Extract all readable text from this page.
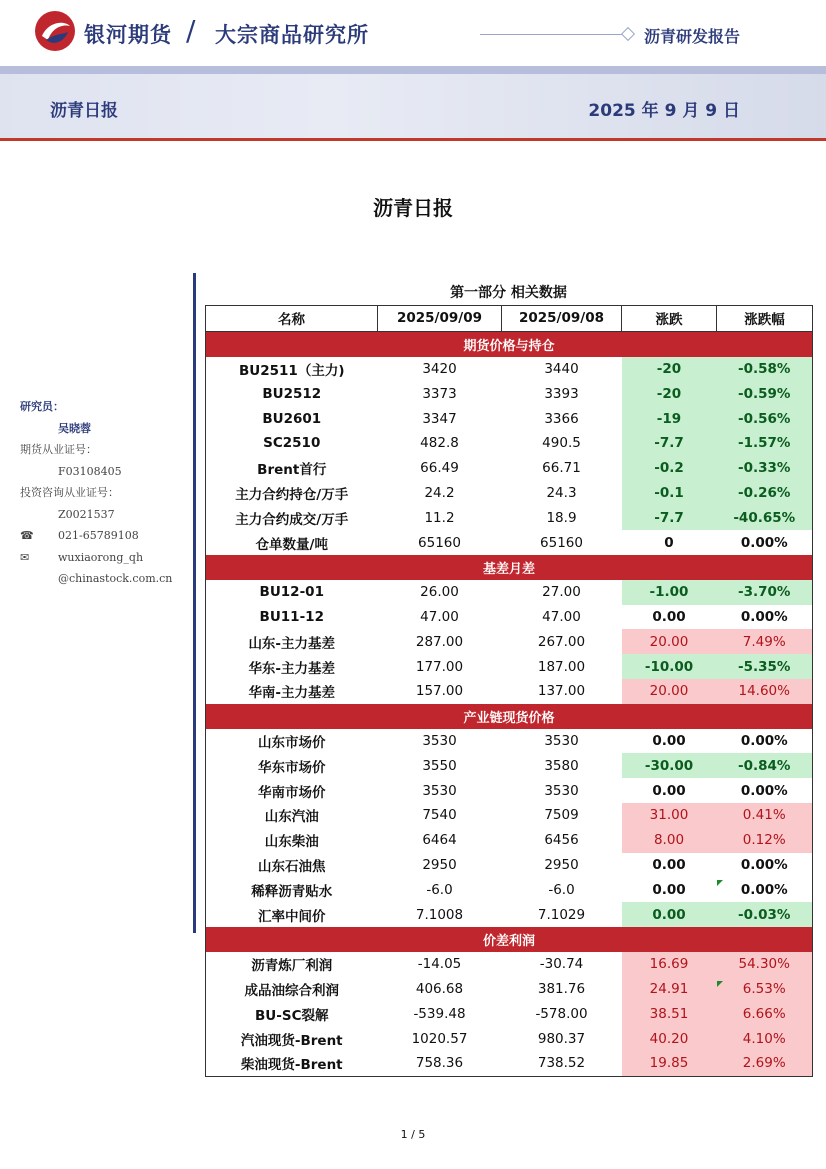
银河期货 / 大宗商品研究所	沥青研发报告
沥青日报	2025 年 9 月 9 日
沥青日报
研究员：
吴晓蓉
期货从业证号：
F03108405
投资咨询从业证号：
Z0021537
☎ 021-65789108
✉	wuxiaorong_qh
@chinastock.com.cn
第一部分 相关数据
名称	2025/09/09	2025/09/08	涨跌	涨跌幅
期货价格与持仓				
BU2511（主力)	3420	3440	-20	-0.58%
BU2512	3373	3393	-20	-0.59%
BU2601	3347	3366	-19	-0.56%
SC2510	482.8	490.5	-7.7	-1.57%
Brent首行	66.49	66.71	-0.2	-0.33%
主力合约持仓/万手	24.2	24.3	-0.1	-0.26%
主力合约成交/万手	11.2	18.9	-7.7	-40.65%
仓单数量/吨	65160	65160	0	0.00%
基差月差				
BU12-01	26.00	27.00	-1.00	-3.70%
BU11-12	47.00	47.00	0.00	0.00%
山东-主力基差	287.00	267.00	20.00	7.49%
华东-主力基差	177.00	187.00	-10.00	-5.35%
华南-主力基差	157.00	137.00	20.00	14.60%
产业链现货价格				
山东市场价	3530	3530	0.00	0.00%
华东市场价	3550	3580	-30.00	-0.84%
华南市场价	3530	3530	0.00	0.00%
山东汽油	7540	7509	31.00	0.41%
山东柴油	6464	6456	8.00	0.12%
山东石油焦	2950	2950	0.00	0.00%
稀释沥青贴水	-6.0	-6.0	0.00	0.00%
汇率中间价	7.1008	7.1029	0.00	-0.03%
价差利润				
沥青炼厂利润	-14.05	-30.74	16.69	54.30%
成品油综合利润	406.68	381.76	24.91	6.53%
BU-SC裂解	-539.48	-578.00	38.51	6.66%
汽油现货-Brent	1020.57	980.37	40.20	4.10%
柴油现货-Brent	758.36	738.52	19.85	2.69%
1 / 5
